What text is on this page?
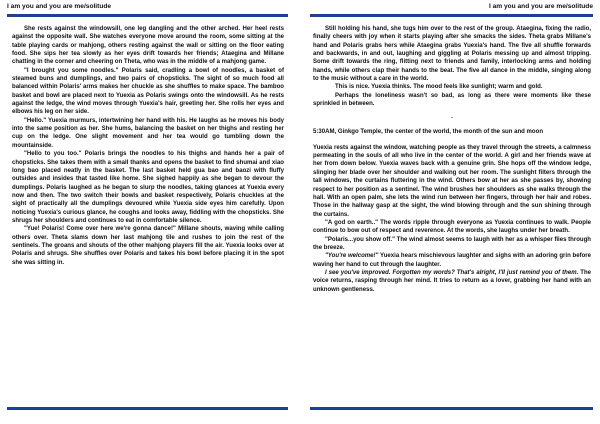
I am you and you are me/solitude

She rests against the windowsill, one leg dangling and the other arched. Her heel rests against the opposite wall. She watches everyone move around the room, some sitting at the table playing cards or mahjong, others resting against the wall or sitting on the floor eating food. She sips her tea slowly as her eyes drift towards her friends; Ataegina and Millane chatting in the corner and cheering on Theta, who was in the middle of a mahjong game.

"I brought you some noodles." Polaris said, cradling a bowl of noodles, a basket of steamed buns and dumplings, and two pairs of chopsticks. The sight of so much food all balanced within Polaris' arms makes her chuckle as she shuffles to make space. The bamboo basket and bowl are placed next to Yuexia as Polaris swings onto the windowsill. As he rests against the ledge, the wind moves through Yuexia's hair, greeting her. She rolls her eyes and elbows his leg on her side.

"Hello." Yuexia murmurs, intertwining her hand with his. He laughs as he moves his body into the same position as her. She hums, balancing the basket on her thighs and resting her cup on the ledge. One slight movement and her tea would go tumbling down the mountainside.

"Hello to you too." Polaris brings the noodles to his thighs and hands her a pair of chopsticks. She takes them with a small thanks and opens the basket to find shumai and xiao long bao placed neatly in the basket. The last basket held gua bao and baozi with fluffy outsides and insides that tasted like home. She sighed happily as she began to devour the dumplings. Polaris laughed as he began to slurp the noodles, taking glances at Yuexia every now and then. The two switch their bowls and basket respectively, Polaris chuckles at the sight of practically all the dumplings devoured while Yuexia side eyes him carefully. Upon noticing Yuexia's curious glance, he coughs and looks away, fiddling with the chopsticks. She shrugs her shoulders and continues to eat in comfortable silence.

"Yue! Polaris! Come over here we're gonna dance!" Millane shouts, waving while calling others over. Theta slams down her last mahjong tile and rushes to join the rest of the sentinels. The groans and shouts of the other mahjong players fill the air. Yuexia looks over at Polaris and shrugs. She shuffles over Polaris and takes his bowl before placing it in the spot she was sitting in.

I am you and you are me/solitude

Still holding his hand, she tugs him over to the rest of the group. Ataegina, fixing the radio, finally cheers with joy when it starts playing after she smacks the sides. Theta grabs Millane's hand and Polaris grabs hers while Ataegina grabs Yuexia's hand. The five all shuffle forwards and backwards, in and out, laughing and giggling at Polaris messing up and almost tripping. Some drift towards the ring, flitting next to friends and family, interlocking arms and holding hands, while others clap their hands to the beat. The five all dance in the middle, singing along to the music without a care in the world.

This is nice. Yuexia thinks. The mood feels like sunlight; warm and gold.

Perhaps the loneliness wasn't so bad, as long as there were moments like these sprinkled in between.

.

5:30AM, Ginkgo Temple, the center of the world, the month of the sun and moon

Yuexia rests against the window, watching people as they travel through the streets, a calmness permeating in the souls of all who live in the center of the world. A girl and her friends wave at her from down below. Yuexia waves back with a genuine grin. She hops off the window ledge, slinging her blade over her shoulder and walking out her room. The sunlight filters through the tall windows, the curtains fluttering in the wind. Others bow at her as she passes by, showing respect to her position as a sentinel. The wind brushes her shoulders as she walks through the hall. With an open palm, she lets the wind run between her fingers, through her hair and robes. Those in the hallway gasp at the sight, the wind blowing through and the sun shining through the curtains.

"A god on earth.." The words ripple through everyone as Yuexia continues to walk. People continue to bow out of respect and reverence. At the words, she laughs under her breath.

"Polaris...you show off." The wind almost seems to laugh with her as a whisper flies through the breeze.

"You're welcome!" Yuexia hears mischievous laughter and sighs with an adoring grin before waving her hand to cut through the laughter.

I see you've improved. Forgotten my words? That's alright, I'll just remind you of them. The voice returns, rasping through her mind. It tries to return as a lover, grabbing her hand with an unknown gentleness.
